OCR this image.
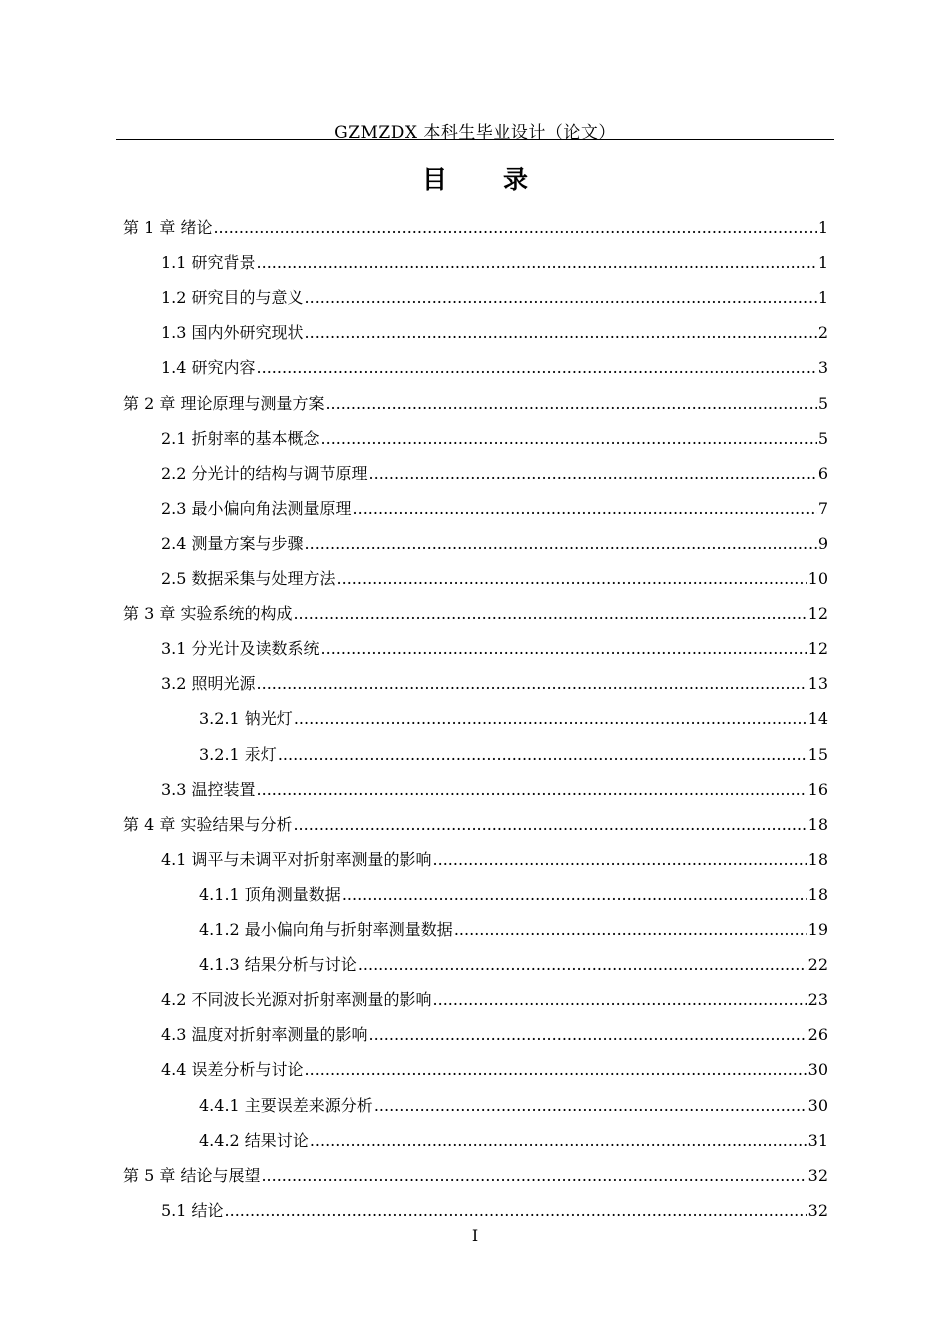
GZMZDX 本科生毕业设计（论文）
目 录
第 1 章 绪论 .....	1
1.1 研究背景 .....	1
1.2 研究目的与意义 .....	1
1.3 国内外研究现状 .....	2
1.4 研究内容 .....	3
第 2 章 理论原理与测量方案 .....	5
2.1 折射率的基本概念 .....	5
2.2 分光计的结构与调节原理 .....	6
2.3 最小偏向角法测量原理 .....	7
2.4 测量方案与步骤 .....	9
2.5 数据采集与处理方法 .....	10
第 3 章 实验系统的构成 .....	12
3.1 分光计及读数系统 .....	12
3.2 照明光源 .....	13
3.2.1 钠光灯 .....	14
3.2.1 汞灯 .....	15
3.3 温控装置 .....	16
第 4 章 实验结果与分析 .....	18
4.1 调平与未调平对折射率测量的影响 .....	18
4.1.1 顶角测量数据 .....	18
4.1.2 最小偏向角与折射率测量数据 .....	19
4.1.3 结果分析与讨论 .....	22
4.2 不同波长光源对折射率测量的影响 .....	23
4.3 温度对折射率测量的影响 .....	26
4.4 误差分析与讨论 .....	30
4.4.1 主要误差来源分析 .....	30
4.4.2 结果讨论 .....	31
第 5 章 结论与展望 .....	32
5.1 结论 .....	32
I
